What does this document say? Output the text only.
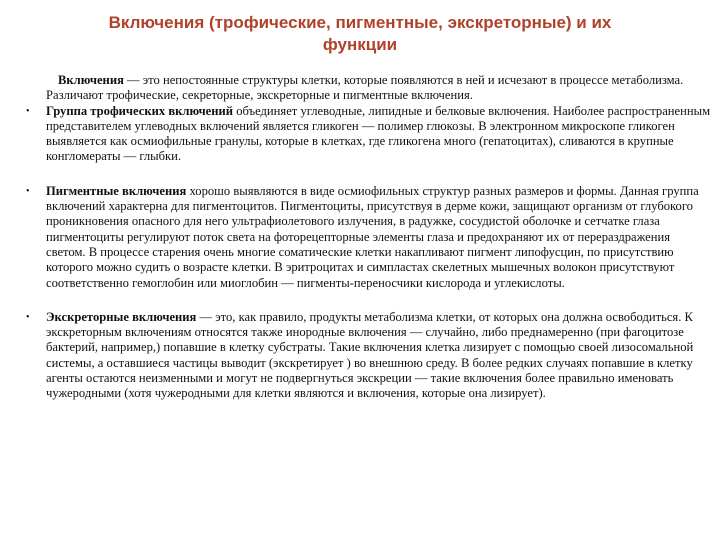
Включения (трофические, пигментные, экскреторные) и их
функции
Включения — это непостоянные структуры клетки, которые появляются в ней и исчезают в процессе метаболизма. Различают трофические, секреторные, экскреторные и пигментные включения.
• Группа трофических включений объединяет углеводные, липидные и белковые включения. Наиболее распространенным представителем углеводных включений является гликоген — полимер глюкозы. В электронном микроскопе гликоген выявляется как осмиофильные гранулы, которые в клетках, где гликогена много (гепатоцитах), сливаются в крупные конгломераты — глыбки.
• Пигментные включения хорошо выявляются в виде осмиофильных структур разных размеров и формы. Данная группа включений характерна для пигментоцитов. Пигментоциты, присутствуя в дерме кожи, защищают организм от глубокого проникновения опасного для него ультрафиолетового излучения, в радужке, сосудистой оболочке и сетчатке глаза пигментоциты регулируют поток света на фоторецепторные элементы глаза и предохраняют их от перераздражения светом. В процессе старения очень многие соматические клетки накапливают пигмент липофусцин, по присутствию которого можно судить о возрасте клетки. В эритроцитах и симпластах скелетных мышечных волокон присутствуют соответственно гемоглобин или миоглобин — пигменты-переносчики кислорода и углекислоты.
• Экскреторные включения — это, как правило, продукты метаболизма клетки, от которых она должна освободиться. К экскреторным включениям относятся также инородные включения — случайно, либо преднамеренно (при фагоцитозе бактерий, например,) попавшие в клетку субстраты. Такие включения клетка лизирует с помощью своей лизосомальной системы, а оставшиеся частицы выводит (экскретирует ) во внешнюю среду. В более редких случаях попавшие в клетку агенты остаются неизменными и могут не подвергнуться экскреции — такие включения более правильно именовать чужеродными (хотя чужеродными для клетки являются и включения, которые она лизирует).
